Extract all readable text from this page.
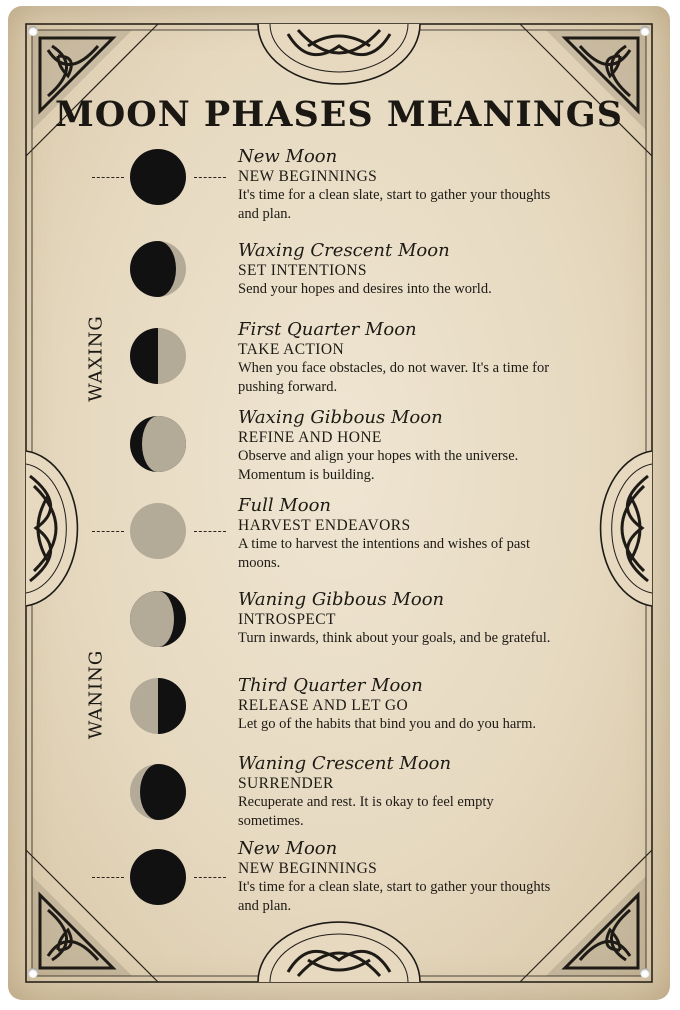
MOON PHASES MEANINGS
WAXING
WANING
New Moon
NEW BEGINNINGS
It's time for a clean slate, start to gather your thoughts and plan.
Waxing Crescent Moon
SET INTENTIONS
Send your hopes and desires into the world.
First Quarter Moon
TAKE ACTION
When you face obstacles, do not waver. It's a time for pushing forward.
Waxing Gibbous Moon
REFINE AND HONE
Observe and align your hopes with the universe. Momentum is building.
Full Moon
HARVEST ENDEAVORS
A time to harvest the intentions and wishes of past moons.
Waning Gibbous Moon
INTROSPECT
Turn inwards, think about your goals, and be grateful.
Third Quarter Moon
RELEASE AND LET GO
Let go of the habits that bind you and do you harm.
Waning Crescent Moon
SURRENDER
Recuperate and rest. It is okay to feel empty sometimes.
New Moon
NEW BEGINNINGS
It's time for a clean slate, start to gather your thoughts and plan.
